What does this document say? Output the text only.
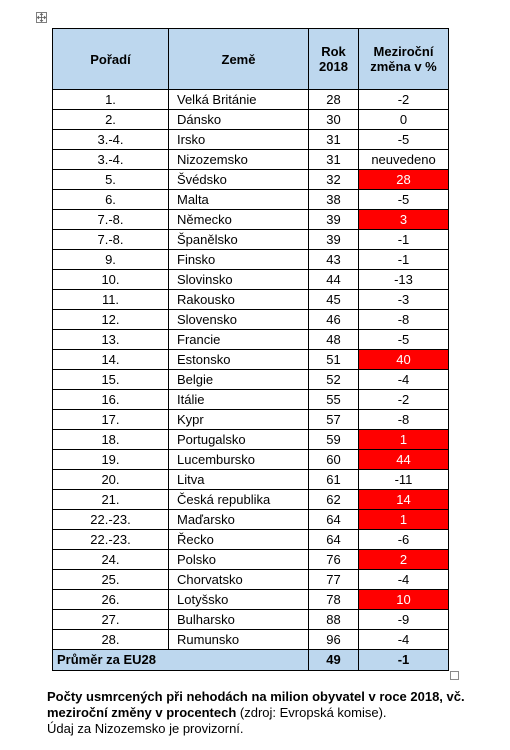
Pořadí	Země	Rok 2018	Meziroční změna v %
1.	Velká Británie	28	-2
2.	Dánsko	30	0
3.-4.	Irsko	31	-5
3.-4.	Nizozemsko	31	neuvedeno
5.	Švédsko	32	28
6.	Malta	38	-5
7.-8.	Německo	39	3
7.-8.	Španělsko	39	-1
9.	Finsko	43	-1
10.	Slovinsko	44	-13
11.	Rakousko	45	-3
12.	Slovensko	46	-8
13.	Francie	48	-5
14.	Estonsko	51	40
15.	Belgie	52	-4
16.	Itálie	55	-2
17.	Kypr	57	-8
18.	Portugalsko	59	1
19.	Lucembursko	60	44
20.	Litva	61	-11
21.	Česká republika	62	14
22.-23.	Maďarsko	64	1
22.-23.	Řecko	64	-6
24.	Polsko	76	2
25.	Chorvatsko	77	-4
26.	Lotyšsko	78	10
27.	Bulharsko	88	-9
28.	Rumunsko	96	-4
Průměr za EU28		49	-1
Počty usmrcených při nehodách na milion obyvatel v roce 2018, vč. meziroční změny v procentech (zdroj: Evropská komise).
Údaj za Nizozemsko je provizorní.
